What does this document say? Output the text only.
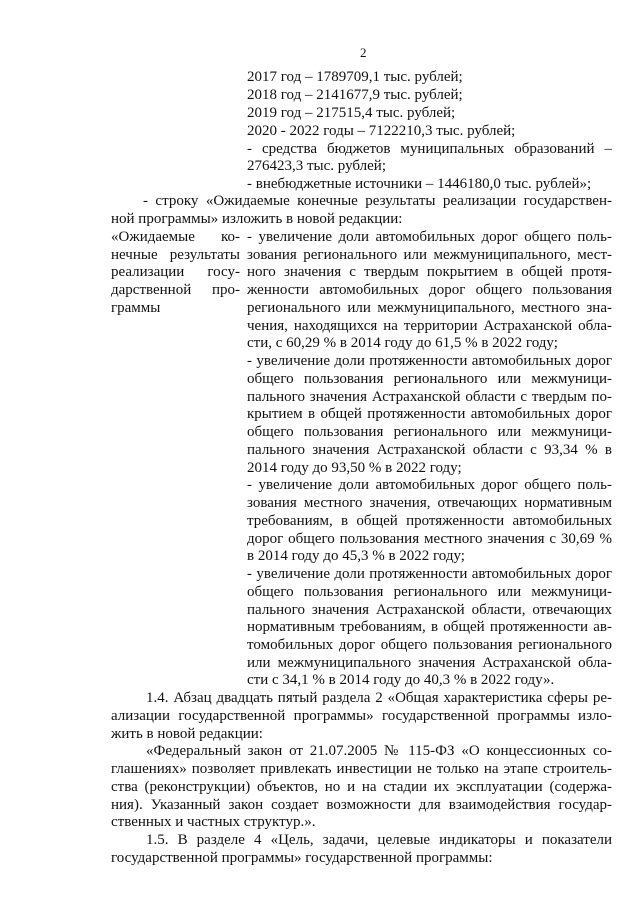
2
2017 год – 1789709,1 тыс. рублей;
2018 год – 2141677,9 тыс. рублей;
2019 год – 217515,4 тыс. рублей;
2020 - 2022 годы – 7122210,3 тыс. рублей;
- средства бюджетов муниципальных образований –
276423,3 тыс. рублей;
- внебюджетные источники – 1446180,0 тыс. рублей»;
- строку «Ожидаемые конечные результаты реализации государствен-
ной программы» изложить в новой редакции:
«Ожидаемые ко-
нечные результаты
реализации госу-
дарственной про-
граммы
- увеличение доли автомобильных дорог общего поль-
зования регионального или межмуниципального, мест-
ного значения с твердым покрытием в общей протя-
женности автомобильных дорог общего пользования
регионального или межмуниципального, местного зна-
чения, находящихся на территории Астраханской обла-
сти, с 60,29 % в 2014 году до 61,5 % в 2022 году;
- увеличение доли протяженности автомобильных дорог
общего пользования регионального или межмуници-
пального значения Астраханской области с твердым по-
крытием в общей протяженности автомобильных дорог
общего пользования регионального или межмуници-
пального значения Астраханской области с 93,34 % в
2014 году до 93,50 % в 2022 году;
- увеличение доли автомобильных дорог общего поль-
зования местного значения, отвечающих нормативным
требованиям, в общей протяженности автомобильных
дорог общего пользования местного значения с 30,69 %
в 2014 году до 45,3 % в 2022 году;
- увеличение доли протяженности автомобильных дорог
общего пользования регионального или межмуници-
пального значения Астраханской области, отвечающих
нормативным требованиям, в общей протяженности ав-
томобильных дорог общего пользования регионального
или межмуниципального значения Астраханской обла-
сти с 34,1 % в 2014 году до 40,3 % в 2022 году».
1.4. Абзац двадцать пятый раздела 2 «Общая характеристика сферы ре-
ализации государственной программы» государственной программы изло-
жить в новой редакции:
«Федеральный закон от 21.07.2005 № 115-ФЗ «О концессионных со-
глашениях» позволяет привлекать инвестиции не только на этапе строитель-
ства (реконструкции) объектов, но и на стадии их эксплуатации (содержа-
ния). Указанный закон создает возможности для взаимодействия государ-
ственных и частных структур.».
1.5. В разделе 4 «Цель, задачи, целевые индикаторы и показатели
государственной программы» государственной программы:
